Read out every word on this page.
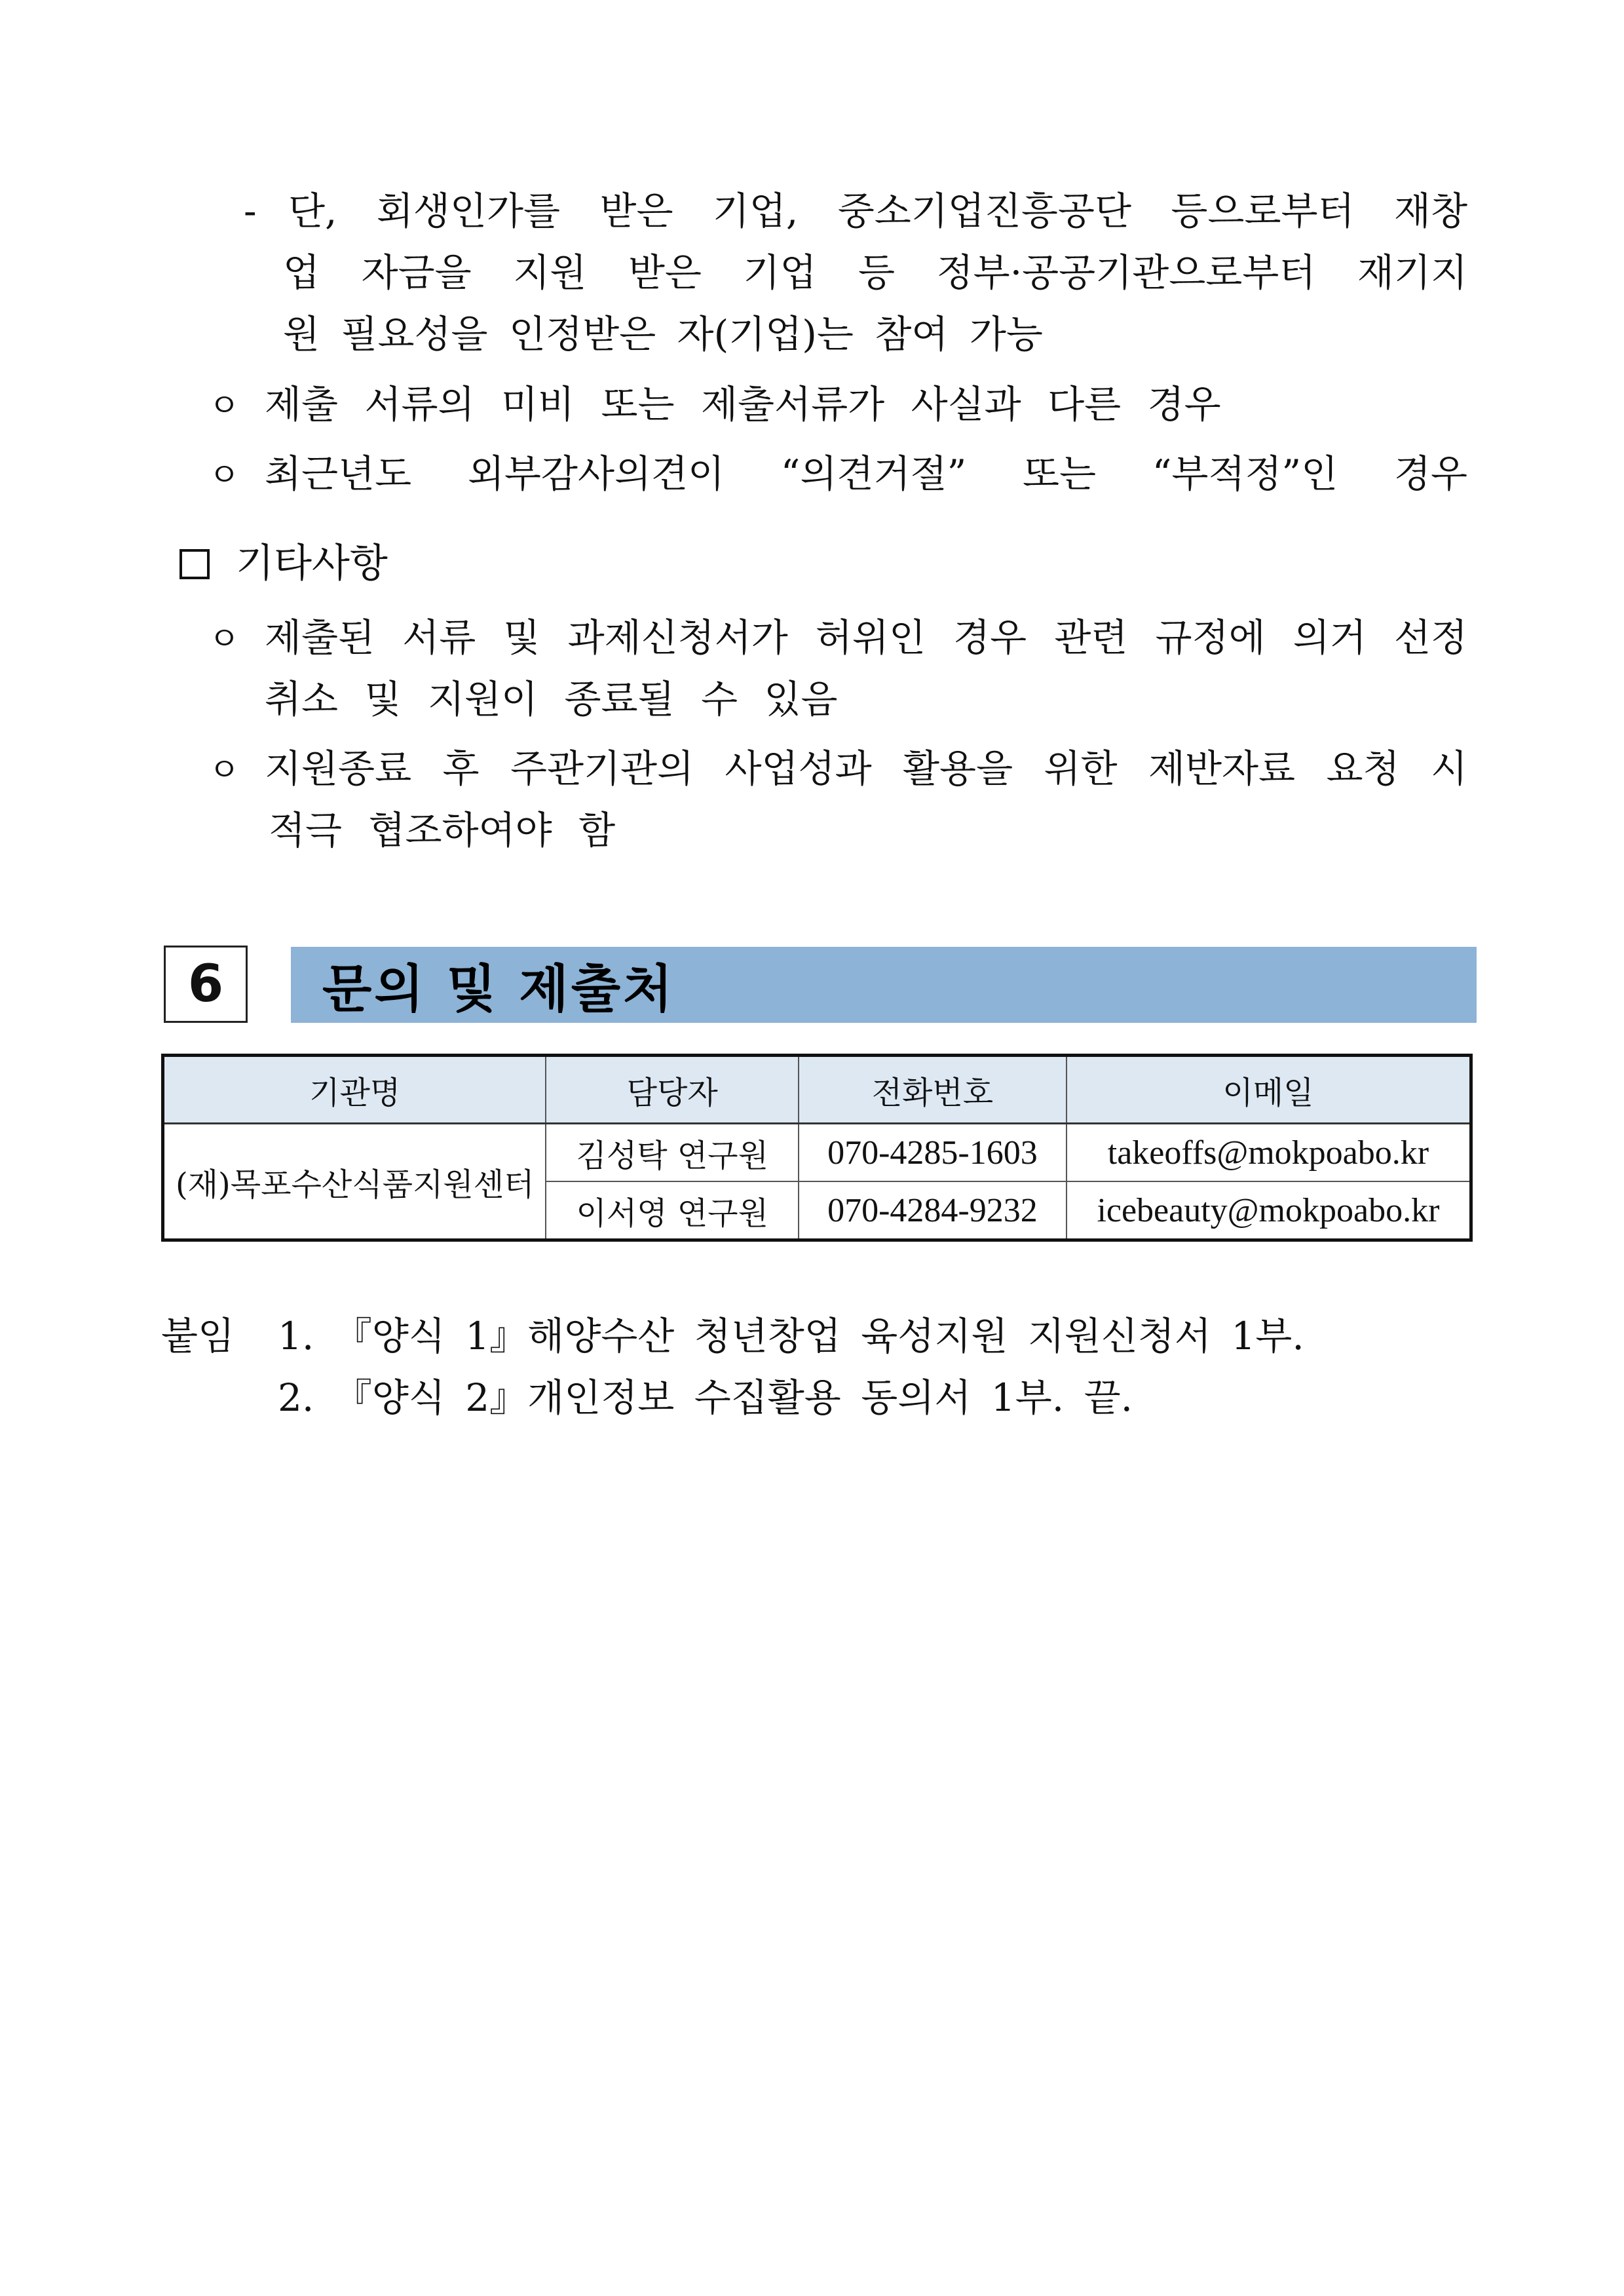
- 단, 회생인가를 받은 기업, 중소기업진흥공단 등으로부터 재창
업 자금을 지원 받은 기업 등 정부·공공기관으로부터 재기지
원 필요성을 인정받은 자(기업)는 참여 가능
ㅇ 제출 서류의 미비 또는 제출서류가 사실과 다른 경우
ㅇ 최근년도 외부감사의견이 “의견거절” 또는 “부적정”인 경우
기타사항
ㅇ 제출된 서류 및 과제신청서가 허위인 경우 관련 규정에 의거 선정
취소 및 지원이 종료될 수 있음
ㅇ 지원종료 후 주관기관의 사업성과 활용을 위한 제반자료 요청 시
적극 협조하여야 함
6	문의 및 제출처
기관명	담당자	전화번호	이메일
(재)목포수산식품지원센터	김성탁 연구원	070-4285-1603	takeoffs@mokpoabo.kr
	이서영 연구원	070-4284-9232	icebeauty@mokpoabo.kr
붙임 1. 『양식 1』해양수산 청년창업 육성지원 지원신청서 1부.
2. 『양식 2』개인정보 수집활용 동의서 1부. 끝.
